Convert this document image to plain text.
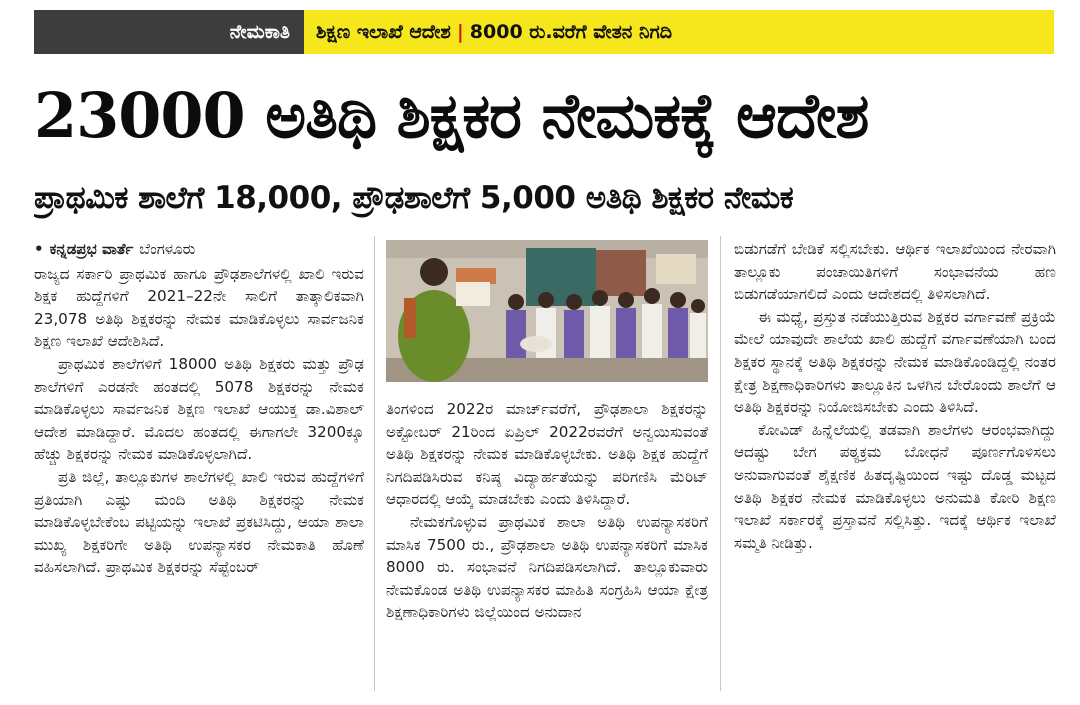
ನೇಮಕಾತಿ	ಶಿಕ್ಷಣ ಇಲಾಖೆ ಆದೇಶ | 8000 ರು.ವರೆಗೆ ವೇತನ ನಿಗದಿ
23000 ಅತಿಥಿ ಶಿಕ್ಷಕರ ನೇಮಕಕ್ಕೆ ಆದೇಶ
ಪ್ರಾಥಮಿಕ ಶಾಲೆಗೆ 18,000, ಪ್ರೌಢಶಾಲೆಗೆ 5,000 ಅತಿಥಿ ಶಿಕ್ಷಕರ ನೇಮಕ
• ಕನ್ನಡಪ್ರಭ ವಾರ್ತೆ ಬೆಂಗಳೂರು

ರಾಜ್ಯದ ಸರ್ಕಾರಿ ಪ್ರಾಥಮಿಕ ಹಾಗೂ ಪ್ರೌಢಶಾಲೆಗಳಲ್ಲಿ ಖಾಲಿ ಇರುವ ಶಿಕ್ಷಕ ಹುದ್ದೆಗಳಿಗೆ 2021–22ನೇ ಸಾಲಿಗೆ ತಾತ್ಕಾಲಿಕವಾಗಿ 23,078 ಅತಿಥಿ ಶಿಕ್ಷಕರನ್ನು ನೇಮಕ ಮಾಡಿಕೊಳ್ಳಲು ಸಾರ್ವಜನಿಕ ಶಿಕ್ಷಣ ಇಲಾಖೆ ಆದೇಶಿಸಿದೆ.

ಪ್ರಾಥಮಿಕ ಶಾಲೆಗಳಿಗೆ 18000 ಅತಿಥಿ ಶಿಕ್ಷಕರು ಮತ್ತು ಪ್ರೌಢ ಶಾಲೆಗಳಿಗೆ ಎರಡನೇ ಹಂತದಲ್ಲಿ 5078 ಶಿಕ್ಷಕರನ್ನು ನೇಮಕ ಮಾಡಿಕೊಳ್ಳಲು ಸಾರ್ವಜನಿಕ ಶಿಕ್ಷಣ ಇಲಾಖೆ ಆಯುಕ್ತ ಡಾ.ವಿಶಾಲ್ ಆದೇಶ ಮಾಡಿದ್ದಾರೆ. ಮೊದಲ ಹಂತದಲ್ಲಿ ಈಗಾಗಲೇ 3200ಕ್ಕೂ ಹೆಚ್ಚು ಶಿಕ್ಷಕರನ್ನು ನೇಮಕ ಮಾಡಿಕೊಳ್ಳಲಾಗಿದೆ.

ಪ್ರತಿ ಜಿಲ್ಲೆ, ತಾಲ್ಲೂಕುಗಳ ಶಾಲೆಗಳಲ್ಲಿ ಖಾಲಿ ಇರುವ ಹುದ್ದೆಗಳಿಗೆ ಪ್ರತಿಯಾಗಿ ಎಷ್ಟು ಮಂದಿ ಅತಿಥಿ ಶಿಕ್ಷಕರನ್ನು ನೇಮಕ ಮಾಡಿಕೊಳ್ಳಬೇಕೆಂಬ ಪಟ್ಟಿಯನ್ನು ಇಲಾಖೆ ಪ್ರಕಟಿಸಿದ್ದು, ಆಯಾ ಶಾಲಾ ಮುಖ್ಯ ಶಿಕ್ಷಕರಿಗೇ ಅತಿಥಿ ಉಪನ್ಯಾಸಕರ ನೇಮಕಾತಿ ಹೊಣೆ ವಹಿಸಲಾಗಿದೆ. ಪ್ರಾಥಮಿಕ ಶಿಕ್ಷಕರನ್ನು ಸೆಪ್ಟೆಂಬರ್

ತಿಂಗಳಿಂದ 2022ರ ಮಾರ್ಚ್‌ವರೆಗೆ, ಪ್ರೌಢಶಾಲಾ ಶಿಕ್ಷಕರನ್ನು ಅಕ್ಟೋಬರ್ 21ರಿಂದ ಏಪ್ರಿಲ್ 2022ರವರೆಗೆ ಅನ್ವಯಿಸುವಂತೆ ಅತಿಥಿ ಶಿಕ್ಷಕರನ್ನು ನೇಮಕ ಮಾಡಿಕೊಳ್ಳಬೇಕು. ಅತಿಥಿ ಶಿಕ್ಷಕ ಹುದ್ದೆಗೆ ನಿಗದಿಪಡಿಸಿರುವ ಕನಿಷ್ಠ ವಿದ್ಯಾರ್ಹತೆಯನ್ನು ಪರಿಗಣಿಸಿ ಮೆರಿಟ್ ಆಧಾರದಲ್ಲಿ ಆಯ್ಕೆ ಮಾಡಬೇಕು ಎಂದು ತಿಳಿಸಿದ್ದಾರೆ.

ನೇಮಕಗೊಳ್ಳುವ ಪ್ರಾಥಮಿಕ ಶಾಲಾ ಅತಿಥಿ ಉಪನ್ಯಾಸಕರಿಗೆ ಮಾಸಿಕ 7500 ರು., ಪ್ರೌಢಶಾಲಾ ಅತಿಥಿ ಉಪನ್ಯಾಸಕರಿಗೆ ಮಾಸಿಕ 8000 ರು. ಸಂಭಾವನೆ ನಿಗದಿಪಡಿಸಲಾಗಿದೆ. ತಾಲ್ಲೂಕುವಾರು ನೇಮಕೊಂಡ ಅತಿಥಿ ಉಪನ್ಯಾಸಕರ ಮಾಹಿತಿ ಸಂಗ್ರಹಿಸಿ ಆಯಾ ಕ್ಷೇತ್ರ ಶಿಕ್ಷಣಾಧಿಕಾರಿಗಳು ಜಿಲ್ಲೆಯಿಂದ ಅನುದಾನ

ಬಿಡುಗಡೆಗೆ ಬೇಡಿಕೆ ಸಲ್ಲಿಸಬೇಕು. ಆರ್ಥಿಕ ಇಲಾಖೆಯಿಂದ ನೇರವಾಗಿ ತಾಲ್ಲೂಕು ಪಂಚಾಯಿತಿಗಳಿಗೆ ಸಂಭಾವನೆಯ ಹಣ ಬಿಡುಗಡೆಯಾಗಲಿದೆ ಎಂದು ಆದೇಶದಲ್ಲಿ ತಿಳಿಸಲಾಗಿದೆ.

ಈ ಮಧ್ಯೆ, ಪ್ರಸ್ತುತ ನಡೆಯುತ್ತಿರುವ ಶಿಕ್ಷಕರ ವರ್ಗಾವಣೆ ಪ್ರಕ್ರಿಯೆ ಮೇಲೆ ಯಾವುದೇ ಶಾಲೆಯ ಖಾಲಿ ಹುದ್ದೆಗೆ ವರ್ಗಾವಣೆಯಾಗಿ ಬಂದ ಶಿಕ್ಷಕರ ಸ್ಥಾನಕ್ಕೆ ಅತಿಥಿ ಶಿಕ್ಷಕರನ್ನು ನೇಮಕ ಮಾಡಿಕೊಂಡಿದ್ದಲ್ಲಿ ನಂತರ ಕ್ಷೇತ್ರ ಶಿಕ್ಷಣಾಧಿಕಾರಿಗಳು ತಾಲ್ಲೂಕಿನ ಒಳಗಿನ ಬೇರೊಂದು ಶಾಲೆಗೆ ಆ ಅತಿಥಿ ಶಿಕ್ಷಕರನ್ನು ನಿಯೋಜಿಸಬೇಕು ಎಂದು ತಿಳಿಸಿದೆ.

ಕೋವಿಡ್ ಹಿನ್ನೆಲೆಯಲ್ಲಿ ತಡವಾಗಿ ಶಾಲೆಗಳು ಆರಂಭವಾಗಿದ್ದು ಆದಷ್ಟು ಬೇಗ ಪಠ್ಯಕ್ರಮ ಬೋಧನೆ ಪೂರ್ಣಗೊಳಿಸಲು ಅನುವಾಗುವಂತೆ ಶೈಕ್ಷಣಿಕ ಹಿತದೃಷ್ಟಿಯಿಂದ ಇಷ್ಟು ದೊಡ್ಡ ಮಟ್ಟದ ಅತಿಥಿ ಶಿಕ್ಷಕರ ನೇಮಕ ಮಾಡಿಕೊಳ್ಳಲು ಅನುಮತಿ ಕೋರಿ ಶಿಕ್ಷಣ ಇಲಾಖೆ ಸರ್ಕಾರಕ್ಕೆ ಪ್ರಸ್ತಾವನೆ ಸಲ್ಲಿಸಿತ್ತು. ಇದಕ್ಕೆ ಆರ್ಥಿಕ ಇಲಾಖೆ ಸಮ್ಮತಿ ನೀಡಿತ್ತು.
